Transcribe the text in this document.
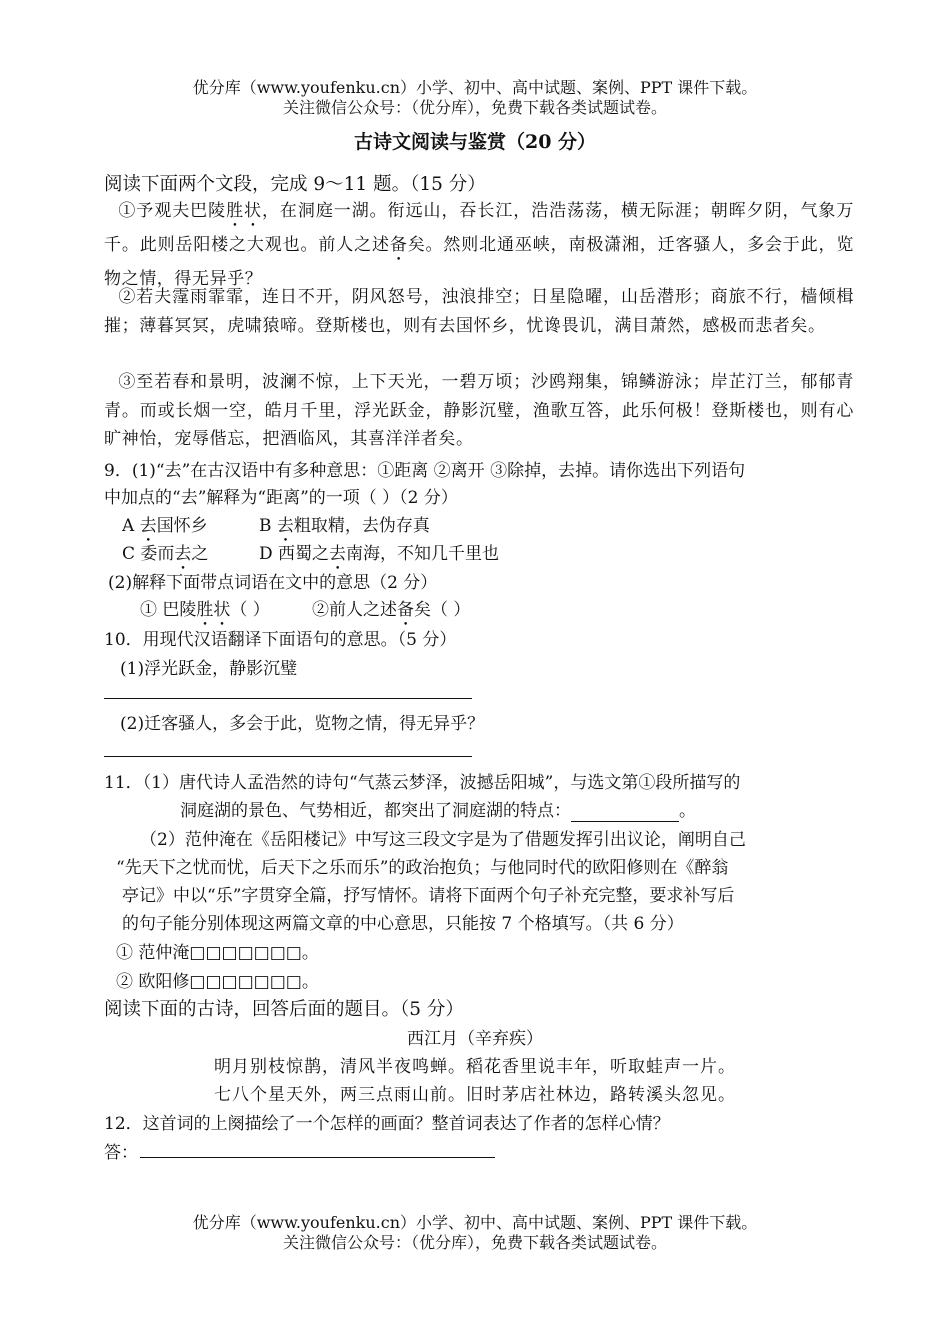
优分库（www.youfenku.cn）小学、初中、高中试题、案例、PPT 课件下载。
关注微信公众号：（优分库），免费下载各类试题试卷。
古诗文阅读与鉴赏（20 分）
阅读下面两个文段，完成 9～11 题。（15 分）
①予观夫巴陵胜状，在洞庭一湖。衔远山，吞长江，浩浩荡荡，横无际涯；朝晖夕阴，气象万千。此则岳阳楼之大观也。前人之述备矣。然则北通巫峡，南极潇湘，迁客骚人，多会于此，览物之情，得无异乎？
②若夫霪雨霏霏，连日不开，阴风怒号，浊浪排空；日星隐曜，山岳潜形；商旅不行，樯倾楫摧；薄暮冥冥，虎啸猿啼。登斯楼也，则有去国怀乡，忧谗畏讥，满目萧然，感极而悲者矣。
③至若春和景明，波澜不惊，上下天光，一碧万顷；沙鸥翔集，锦鳞游泳；岸芷汀兰，郁郁青青。而或长烟一空，皓月千里，浮光跃金，静影沉璧，渔歌互答，此乐何极！登斯楼也，则有心旷神怡，宠辱偕忘，把酒临风，其喜洋洋者矣。
9．(1)“去”在古汉语中有多种意思：①距离 ②离开 ③除掉，去掉。请你选出下列语句
中加点的“去”解释为“距离”的一项（ ）（2 分）
A 去国怀乡	B 去粗取精，去伪存真
C 委而去之	D 西蜀之去南海，不知几千里也
(2)解释下面带点词语在文中的意思（2 分）
① 巴陵胜状（ ） ②前人之述备矣（ ）
10．用现代汉语翻译下面语句的意思。（5 分）
(1)浮光跃金，静影沉璧
(2)迁客骚人，多会于此，览物之情，得无异乎？
11．（1）唐代诗人孟浩然的诗句“气蒸云梦泽，波撼岳阳城”，与选文第①段所描写的
洞庭湖的景色、气势相近，都突出了洞庭湖的特点：	。
（2）范仲淹在《岳阳楼记》中写这三段文字是为了借题发挥引出议论，阐明自己
“先天下之忧而忧，后天下之乐而乐”的政治抱负；与他同时代的欧阳修则在《醉翁
亭记》中以“乐”字贯穿全篇，抒写情怀。请将下面两个句子补充完整，要求补写后
的句子能分别体现这两篇文章的中心意思，只能按 7 个格填写。（共 6 分）
① 范仲淹□□□□□□□。
② 欧阳修□□□□□□□。
阅读下面的古诗，回答后面的题目。（5 分）
西江月（辛弃疾）
明月别枝惊鹊，清风半夜鸣蝉。稻花香里说丰年，听取蛙声一片。
七八个星天外，两三点雨山前。旧时茅店社林边，路转溪头忽见。
12．这首词的上阕描绘了一个怎样的画面？整首词表达了作者的怎样心情？
答：
优分库（www.youfenku.cn）小学、初中、高中试题、案例、PPT 课件下载。
关注微信公众号：（优分库），免费下载各类试题试卷。
